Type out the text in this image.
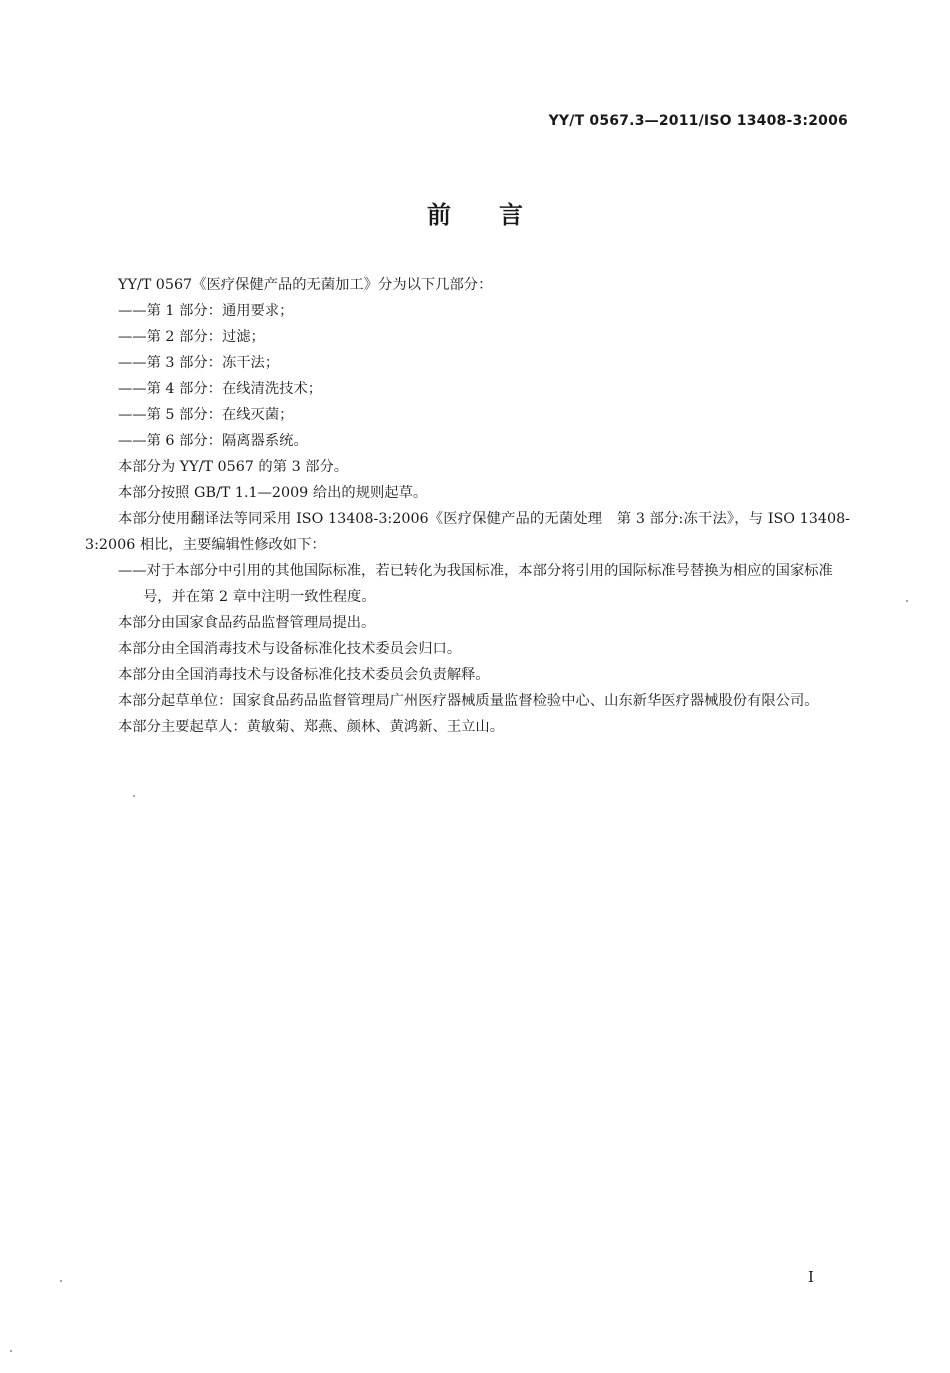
YY/T 0567.3—2011/ISO 13408-3:2006
前言

YY/T 0567《医疗保健产品的无菌加工》分为以下几部分：

——第 1 部分：通用要求；

——第 2 部分：过滤；

——第 3 部分：冻干法；

——第 4 部分：在线清洗技术；

——第 5 部分：在线灭菌；

——第 6 部分：隔离器系统。

本部分为 YY/T 0567 的第 3 部分。

本部分按照 GB/T 1.1—2009 给出的规则起草。

本部分使用翻译法等同采用 ISO 13408-3:2006《医疗保健产品的无菌处理　第 3 部分:冻干法》，与 ISO 13408-3:2006 相比，主要编辑性修改如下：

——对于本部分中引用的其他国际标准，若已转化为我国标准，本部分将引用的国际标准号替换为相应的国家标准号，并在第 2 章中注明一致性程度。

本部分由国家食品药品监督管理局提出。

本部分由全国消毒技术与设备标准化技术委员会归口。

本部分由全国消毒技术与设备标准化技术委员会负责解释。

本部分起草单位：国家食品药品监督管理局广州医疗器械质量监督检验中心、山东新华医疗器械股份有限公司。

本部分主要起草人：黄敏菊、郑燕、颜林、黄鸿新、王立山。

I
